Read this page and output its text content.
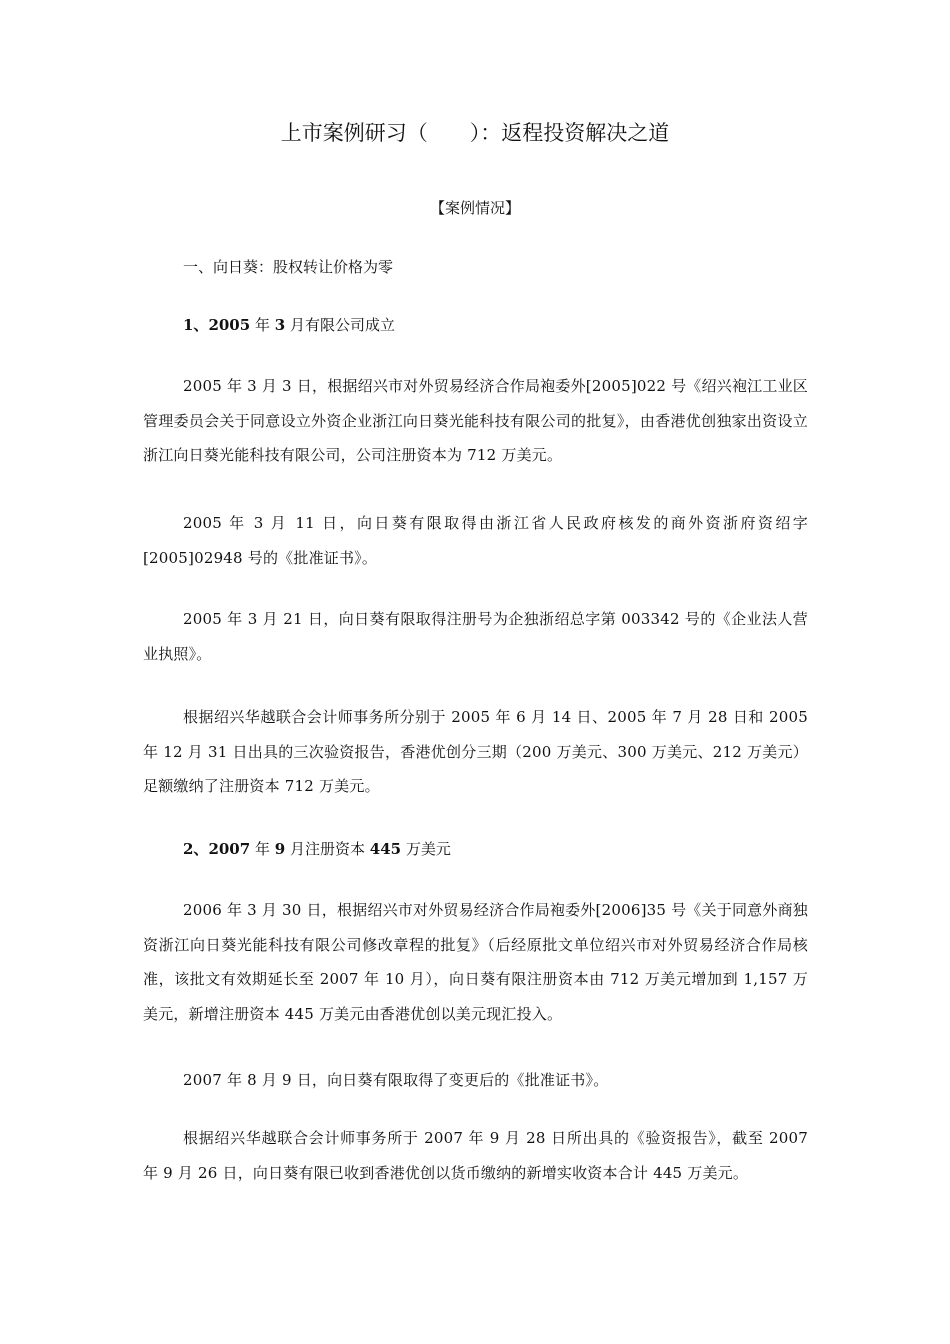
上市案例研习（　　）：返程投资解决之道

【案例情况】

一、向日葵：股权转让价格为零

1、2005 年 3 月有限公司成立

2005 年 3 月 3 日，根据绍兴市对外贸易经济合作局袍委外[2005]022 号《绍兴袍江工业区管理委员会关于同意设立外资企业浙江向日葵光能科技有限公司的批复》，由香港优创独家出资设立浙江向日葵光能科技有限公司，公司注册资本为 712 万美元。

2005 年 3 月 11 日，向日葵有限取得由浙江省人民政府核发的商外资浙府资绍字[2005]02948 号的《批准证书》。

2005 年 3 月 21 日，向日葵有限取得注册号为企独浙绍总字第 003342 号的《企业法人营业执照》。

根据绍兴华越联合会计师事务所分别于 2005 年 6 月 14 日、2005 年 7 月 28 日和 2005 年 12 月 31 日出具的三次验资报告，香港优创分三期（200 万美元、300 万美元、212 万美元）足额缴纳了注册资本 712 万美元。

2、2007 年 9 月注册资本 445 万美元

2006 年 3 月 30 日，根据绍兴市对外贸易经济合作局袍委外[2006]35 号《关于同意外商独资浙江向日葵光能科技有限公司修改章程的批复》（后经原批文单位绍兴市对外贸易经济合作局核准，该批文有效期延长至 2007 年 10 月），向日葵有限注册资本由 712 万美元增加到 1,157 万美元，新增注册资本 445 万美元由香港优创以美元现汇投入。

2007 年 8 月 9 日，向日葵有限取得了变更后的《批准证书》。

根据绍兴华越联合会计师事务所于 2007 年 9 月 28 日所出具的《验资报告》，截至 2007 年 9 月 26 日，向日葵有限已收到香港优创以货币缴纳的新增实收资本合计 445 万美元。
